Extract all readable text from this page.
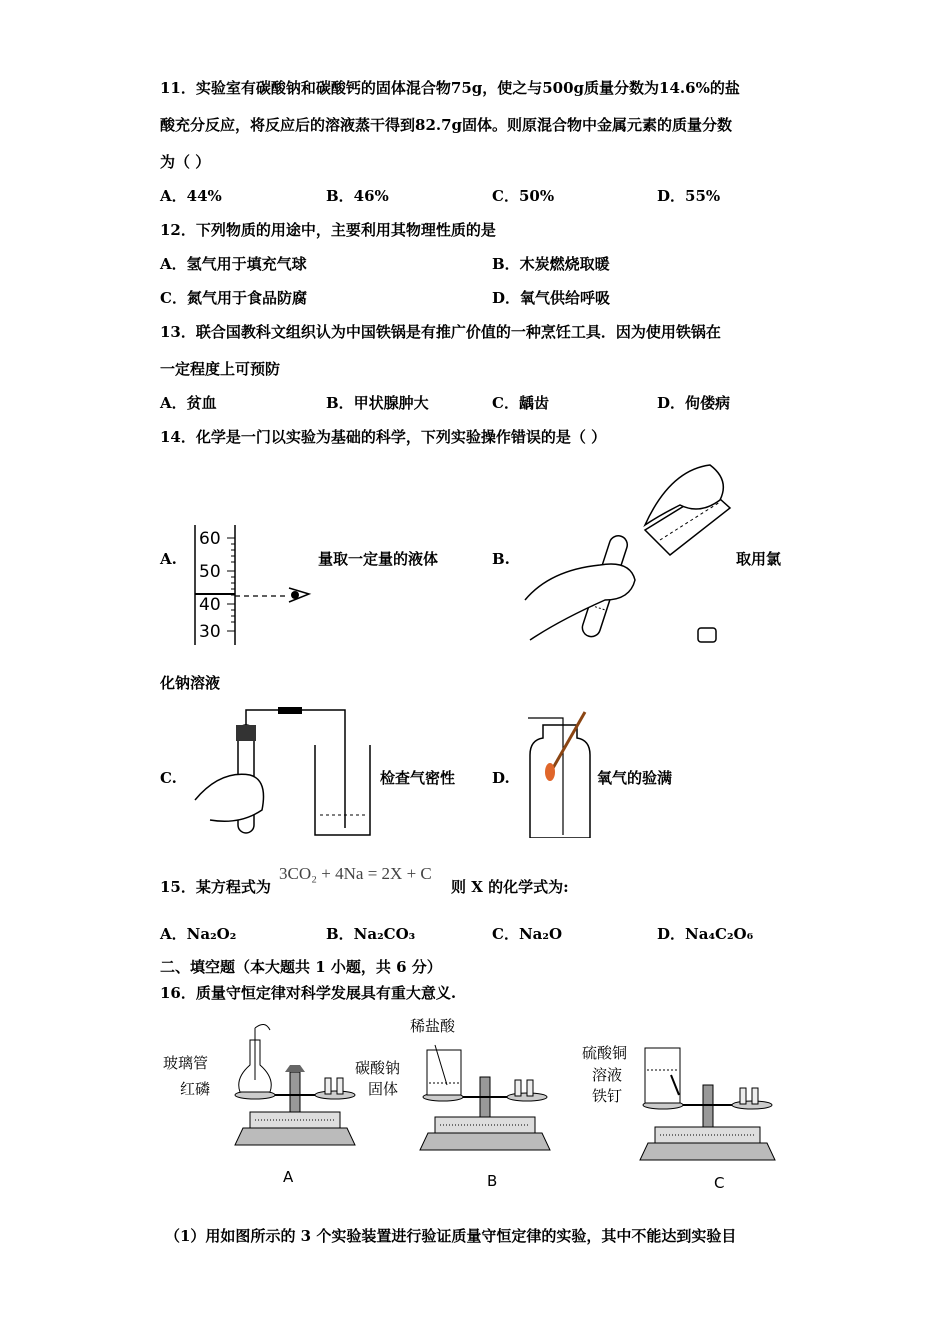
11．实验室有碳酸钠和碳酸钙的固体混合物75g，使之与500g质量分数为14.6%的盐
酸充分反应，将反应后的溶液蒸干得到82.7g固体。则原混合物中金属元素的质量分数
为（ ）
A．44%	B．46%	C．50%	D．55%
12．下列物质的用途中，主要利用其物理性质的是
A．氢气用于填充气球	B．木炭燃烧取暖
C．氮气用于食品防腐	D．氧气供给呼吸
13．联合国教科文组织认为中国铁锅是有推广价值的一种烹饪工具．因为使用铁锅在
一定程度上可预防
A．贫血	B．甲状腺肿大	C．龋齿	D．佝偻病
14．化学是一门以实验为基础的科学，下列实验操作错误的是（ ）
A.
60
50
40
30
量取一定量的液体	B.	取用氯
化钠溶液
C.	检查气密性 D.	氧气的验满
15．某方程式为
3CO₂ + 4Na = 2X + C
则 X 的化学式为:
A．Na₂O₂	B．Na₂CO₃	C．Na₂O	D．Na₄C₂O₆
二、填空题（本大题共 1 小题，共 6 分）
16．质量守恒定律对科学发展具有重大意义.
玻璃管
红磷
A
稀盐酸
碳酸钠
固体
B
硫酸铜
溶液
铁钉
C
（1）用如图所示的 3 个实验装置进行验证质量守恒定律的实验，其中不能达到实验目
